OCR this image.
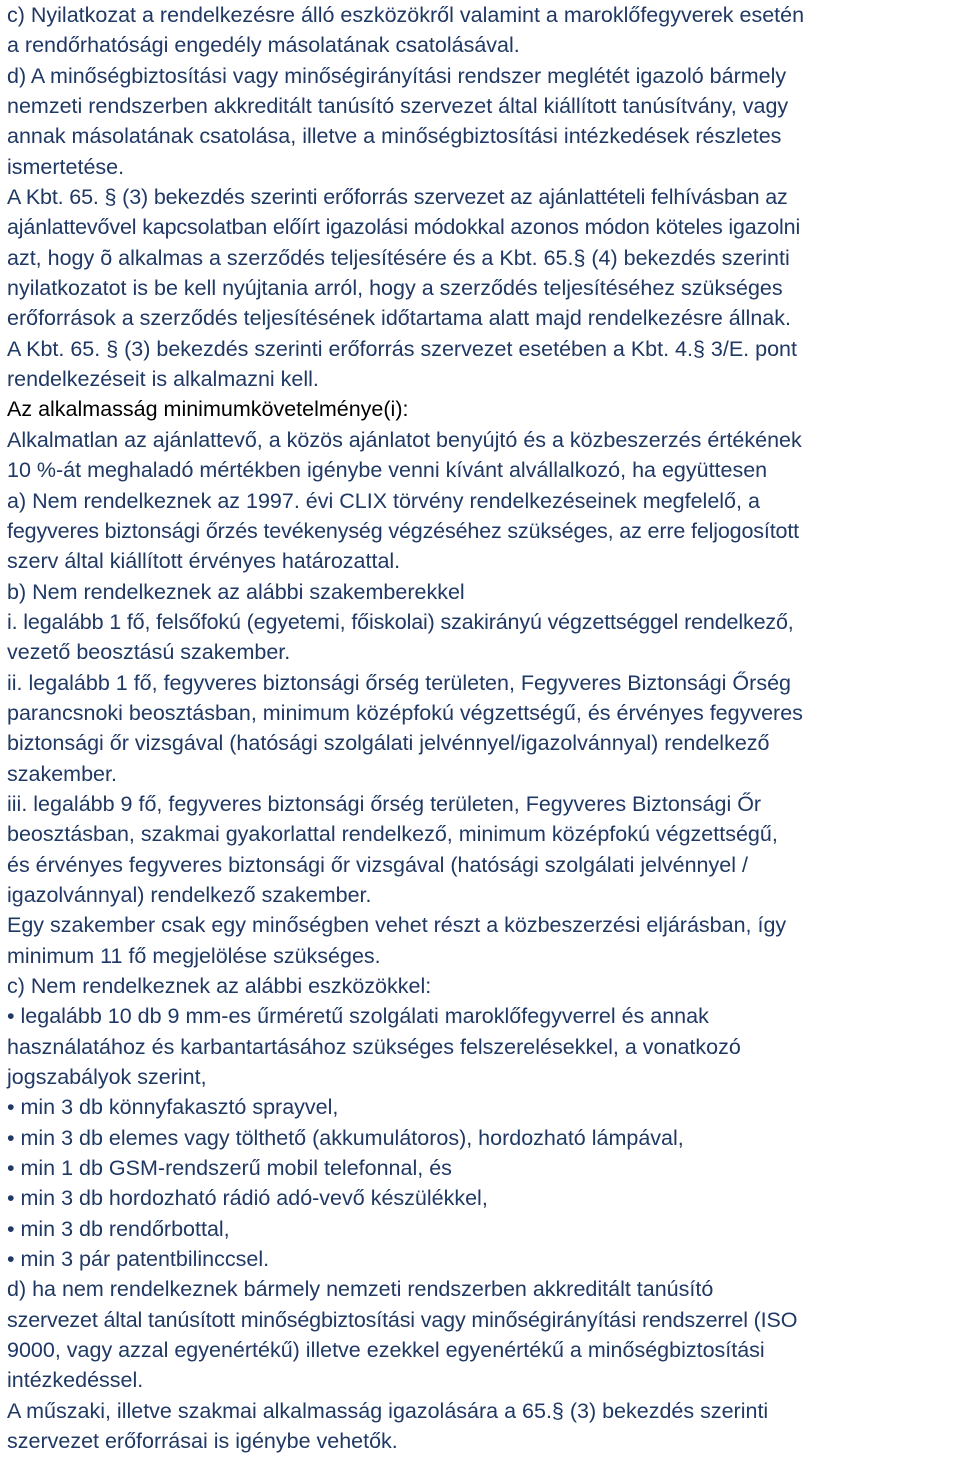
c) Nyilatkozat a rendelkezésre álló eszközökről valamint a maroklőfegyverek esetén

a rendőrhatósági engedély másolatának csatolásával.

d) A minőségbiztosítási vagy minőségirányítási rendszer meglétét igazoló bármely

nemzeti rendszerben akkreditált tanúsító szervezet által kiállított tanúsítvány, vagy

annak másolatának csatolása, illetve a minőségbiztosítási intézkedések részletes

ismertetése.

A Kbt. 65. § (3) bekezdés szerinti erőforrás szervezet az ajánlattételi felhívásban az

ajánlattevővel kapcsolatban előírt igazolási módokkal azonos módon köteles igazolni

azt, hogy õ alkalmas a szerződés teljesítésére és a Kbt. 65.§ (4) bekezdés szerinti

nyilatkozatot is be kell nyújtania arról, hogy a szerződés teljesítéséhez szükséges

erőforrások a szerződés teljesítésének időtartama alatt majd rendelkezésre állnak.

A Kbt. 65. § (3) bekezdés szerinti erőforrás szervezet esetében a Kbt. 4.§ 3/E. pont

rendelkezéseit is alkalmazni kell.

Az alkalmasság minimumkövetelménye(i):

Alkalmatlan az ajánlattevő, a közös ajánlatot benyújtó és a közbeszerzés értékének

10 %-át meghaladó mértékben igénybe venni kívánt alvállalkozó, ha együttesen

a) Nem rendelkeznek az 1997. évi CLIX törvény rendelkezéseinek megfelelő, a

fegyveres biztonsági őrzés tevékenység végzéséhez szükséges, az erre feljogosított

szerv által kiállított érvényes határozattal.

b) Nem rendelkeznek az alábbi szakemberekkel

i. legalább 1 fő, felsőfokú (egyetemi, főiskolai) szakirányú végzettséggel rendelkező,

vezető beosztású szakember.

ii. legalább 1 fő, fegyveres biztonsági őrség területen, Fegyveres Biztonsági Őrség

parancsnoki beosztásban, minimum középfokú végzettségű, és érvényes fegyveres

biztonsági őr vizsgával (hatósági szolgálati jelvénnyel/igazolvánnyal) rendelkező

szakember.

iii. legalább 9 fő, fegyveres biztonsági őrség területen, Fegyveres Biztonsági Őr

beosztásban, szakmai gyakorlattal rendelkező, minimum középfokú végzettségű,

és érvényes fegyveres biztonsági őr vizsgával (hatósági szolgálati jelvénnyel /

igazolvánnyal) rendelkező szakember.

Egy szakember csak egy minőségben vehet részt a közbeszerzési eljárásban, így

minimum 11 fő megjelölése szükséges.

c) Nem rendelkeznek az alábbi eszközökkel:

• legalább 10 db 9 mm-es űrméretű szolgálati maroklőfegyverrel és annak

használatához és karbantartásához szükséges felszerelésekkel, a vonatkozó

jogszabályok szerint,

• min 3 db könnyfakasztó sprayvel,

• min 3 db elemes vagy tölthető (akkumulátoros), hordozható lámpával,

• min 1 db GSM-rendszerű mobil telefonnal, és

• min 3 db hordozható rádió adó-vevő készülékkel,

• min 3 db rendőrbottal,

• min 3 pár patentbilinccsel.

d) ha nem rendelkeznek bármely nemzeti rendszerben akkreditált tanúsító

szervezet által tanúsított minőségbiztosítási vagy minőségirányítási rendszerrel (ISO

9000, vagy azzal egyenértékű) illetve ezekkel egyenértékű a minőségbiztosítási

intézkedéssel.

A műszaki, illetve szakmai alkalmasság igazolására a 65.§ (3) bekezdés szerinti

szervezet erőforrásai is igénybe vehetők.
